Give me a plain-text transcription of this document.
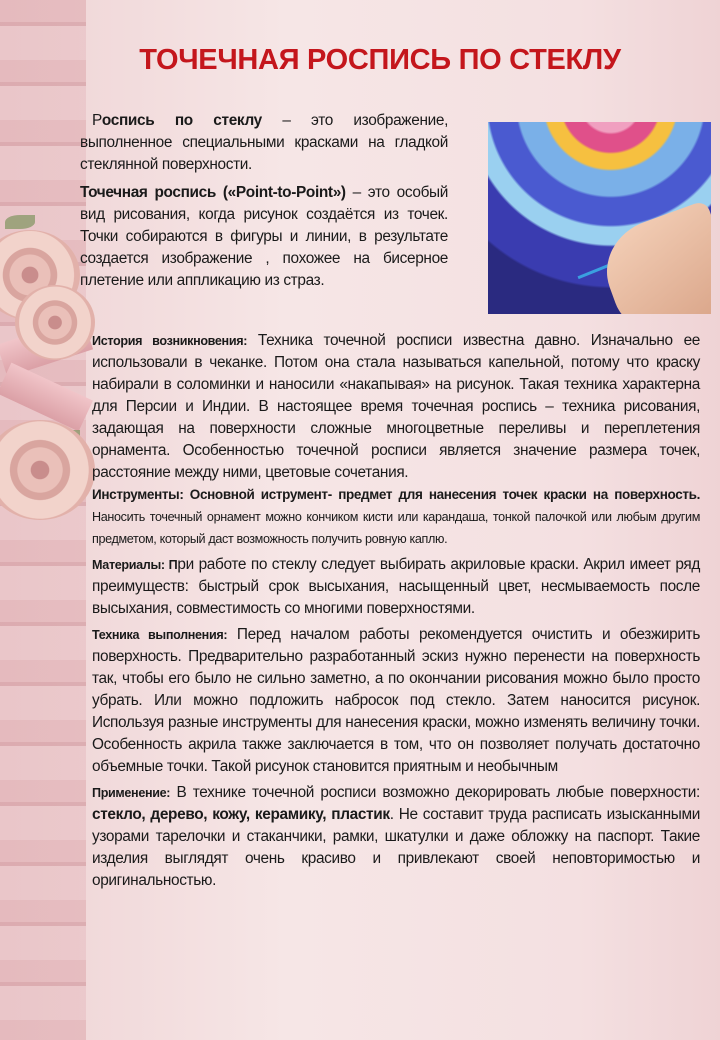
ТОЧЕЧНАЯ РОСПИСЬ ПО СТЕКЛУ

Роспись по стеклу – это изображение, выполненное специальными красками на гладкой стеклянной поверхности.

Точечная роспись («Point-to-Point») – это особый вид рисования, когда рисунок создаётся из точек. Точки собираются в фигуры и линии, в результате создается изображение , похожее на бисерное плетение или аппликацию из страз.

История возникновения: Техника точечной росписи известна давно. Изначально ее использовали в чеканке. Потом она стала называться капельной, потому что краску набирали в соломинки и наносили «накапывая» на рисунок. Такая техника характерна для Персии и Индии. В настоящее время точечная роспись – техника рисования, задающая на поверхности сложные многоцветные переливы и переплетения орнамента. Особенностью точечной росписи является значение размера точек, расстояние между ними, цветовые сочетания.

Инструменты: Основной иструмент- предмет для нанесения точек краски на поверхность. Наносить точечный орнамент можно кончиком кисти или карандаша, тонкой палочкой или любым другим предметом, который даст возможность получить ровную каплю.

Материалы: При работе по стеклу следует выбирать акриловые краски. Акрил имеет ряд преимуществ: быстрый срок высыхания, насыщенный цвет, несмываемость после высыхания, совместимость со многими поверхностями.

Техника выполнения: Перед началом работы рекомендуется очистить и обезжирить поверхность. Предварительно разработанный эскиз нужно перенести на поверхность так, чтобы его было не сильно заметно, а по окончании рисования можно было просто убрать. Или можно подложить набросок под стекло. Затем наносится рисунок. Используя разные инструменты для нанесения краски, можно изменять величину точки. Особенность акрила также заключается в том, что он позволяет получать достаточно объемные точки. Такой рисунок становится приятным и необычным

Применение: В технике точечной росписи возможно декорировать любые поверхности: стекло, дерево, кожу, керамику, пластик. Не составит труда расписать изысканными узорами тарелочки и стаканчики, рамки, шкатулки и даже обложку на паспорт. Такие изделия выглядят очень красиво и привлекают своей неповторимостью и оригинальностью.
